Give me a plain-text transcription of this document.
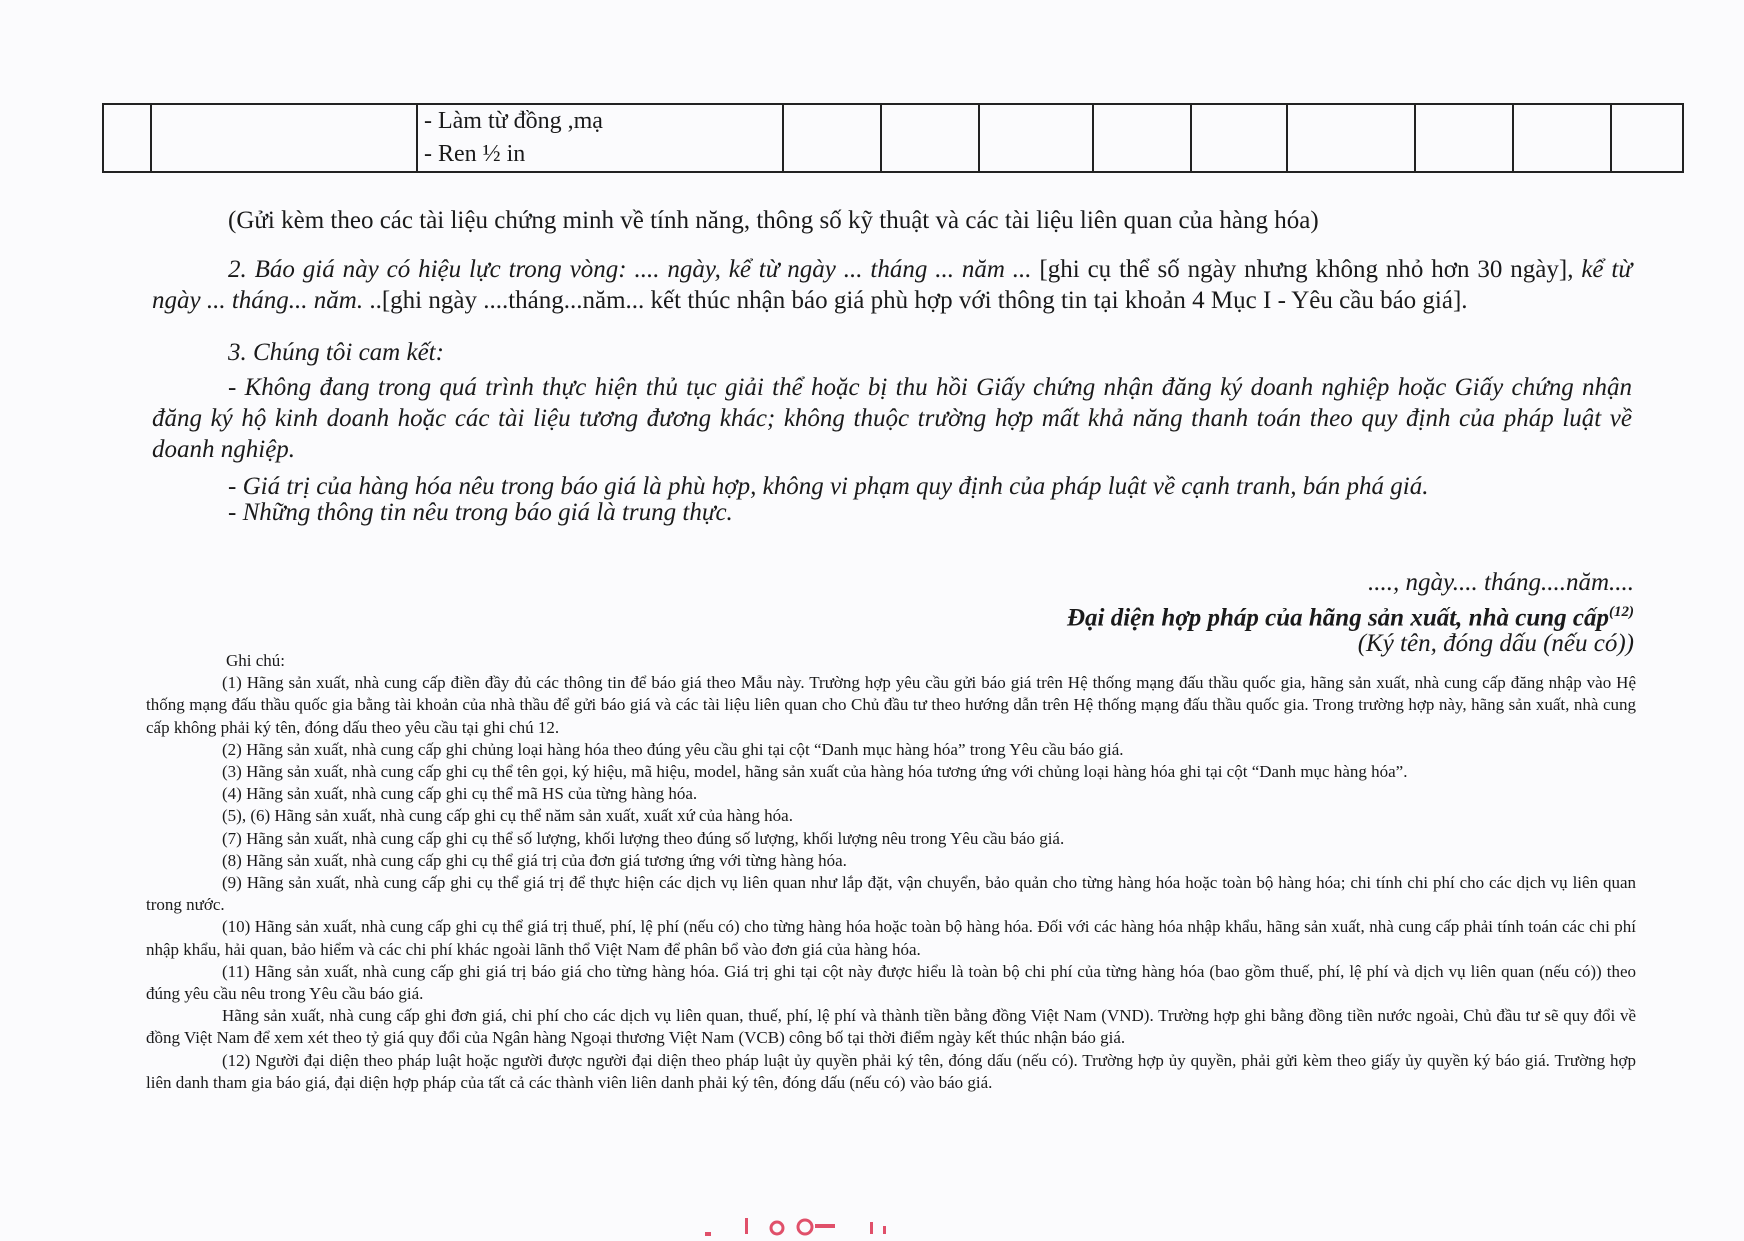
		- Làm từ đồng ,mạ
- Ren ½ in									
(Gửi kèm theo các tài liệu chứng minh về tính năng, thông số kỹ thuật và các tài liệu liên quan của hàng hóa)
2. Báo giá này có hiệu lực trong vòng: .... ngày, kể từ ngày ... tháng ... năm ... [ghi cụ thể số ngày nhưng không nhỏ hơn 30 ngày], kể từ ngày ... tháng... năm. ..[ghi ngày ....tháng...năm... kết thúc nhận báo giá phù hợp với thông tin tại khoản 4 Mục I - Yêu cầu báo giá].
3. Chúng tôi cam kết:
- Không đang trong quá trình thực hiện thủ tục giải thể hoặc bị thu hồi Giấy chứng nhận đăng ký doanh nghiệp hoặc Giấy chứng nhận đăng ký hộ kinh doanh hoặc các tài liệu tương đương khác; không thuộc trường hợp mất khả năng thanh toán theo quy định của pháp luật về doanh nghiệp.
- Giá trị của hàng hóa nêu trong báo giá là phù hợp, không vi phạm quy định của pháp luật về cạnh tranh, bán phá giá.
- Những thông tin nêu trong báo giá là trung thực.
...., ngày.... tháng....năm....
Đại diện hợp pháp của hãng sản xuất, nhà cung cấp$^{(12)}$
(Ký tên, đóng dấu (nếu có))

Ghi chú:

(1) Hãng sản xuất, nhà cung cấp điền đầy đủ các thông tin để báo giá theo Mẫu này. Trường hợp yêu cầu gửi báo giá trên Hệ thống mạng đấu thầu quốc gia, hãng sản xuất, nhà cung cấp đăng nhập vào Hệ thống mạng đấu thầu quốc gia bằng tài khoản của nhà thầu để gửi báo giá và các tài liệu liên quan cho Chủ đầu tư theo hướng dẫn trên Hệ thống mạng đấu thầu quốc gia. Trong trường hợp này, hãng sản xuất, nhà cung cấp không phải ký tên, đóng dấu theo yêu cầu tại ghi chú 12.

(2) Hãng sản xuất, nhà cung cấp ghi chủng loại hàng hóa theo đúng yêu cầu ghi tại cột “Danh mục hàng hóa” trong Yêu cầu báo giá.

(3) Hãng sản xuất, nhà cung cấp ghi cụ thể tên gọi, ký hiệu, mã hiệu, model, hãng sản xuất của hàng hóa tương ứng với chủng loại hàng hóa ghi tại cột “Danh mục hàng hóa”.

(4) Hãng sản xuất, nhà cung cấp ghi cụ thể mã HS của từng hàng hóa.

(5), (6) Hãng sản xuất, nhà cung cấp ghi cụ thể năm sản xuất, xuất xứ của hàng hóa.

(7) Hãng sản xuất, nhà cung cấp ghi cụ thể số lượng, khối lượng theo đúng số lượng, khối lượng nêu trong Yêu cầu báo giá.

(8) Hãng sản xuất, nhà cung cấp ghi cụ thể giá trị của đơn giá tương ứng với từng hàng hóa.

(9) Hãng sản xuất, nhà cung cấp ghi cụ thể giá trị để thực hiện các dịch vụ liên quan như lắp đặt, vận chuyển, bảo quản cho từng hàng hóa hoặc toàn bộ hàng hóa; chi tính chi phí cho các dịch vụ liên quan trong nước.

(10) Hãng sản xuất, nhà cung cấp ghi cụ thể giá trị thuế, phí, lệ phí (nếu có) cho từng hàng hóa hoặc toàn bộ hàng hóa. Đối với các hàng hóa nhập khẩu, hãng sản xuất, nhà cung cấp phải tính toán các chi phí nhập khẩu, hải quan, bảo hiểm và các chi phí khác ngoài lãnh thổ Việt Nam để phân bổ vào đơn giá của hàng hóa.

(11) Hãng sản xuất, nhà cung cấp ghi giá trị báo giá cho từng hàng hóa. Giá trị ghi tại cột này được hiểu là toàn bộ chi phí của từng hàng hóa (bao gồm thuế, phí, lệ phí và dịch vụ liên quan (nếu có)) theo đúng yêu cầu nêu trong Yêu cầu báo giá.

Hãng sản xuất, nhà cung cấp ghi đơn giá, chi phí cho các dịch vụ liên quan, thuế, phí, lệ phí và thành tiền bằng đồng Việt Nam (VND). Trường hợp ghi bằng đồng tiền nước ngoài, Chủ đầu tư sẽ quy đổi về đồng Việt Nam để xem xét theo tỷ giá quy đổi của Ngân hàng Ngoại thương Việt Nam (VCB) công bố tại thời điểm ngày kết thúc nhận báo giá.

(12) Người đại diện theo pháp luật hoặc người được người đại diện theo pháp luật ủy quyền phải ký tên, đóng dấu (nếu có). Trường hợp ủy quyền, phải gửi kèm theo giấy ủy quyền ký báo giá. Trường hợp liên danh tham gia báo giá, đại diện hợp pháp của tất cả các thành viên liên danh phải ký tên, đóng dấu (nếu có) vào báo giá.
